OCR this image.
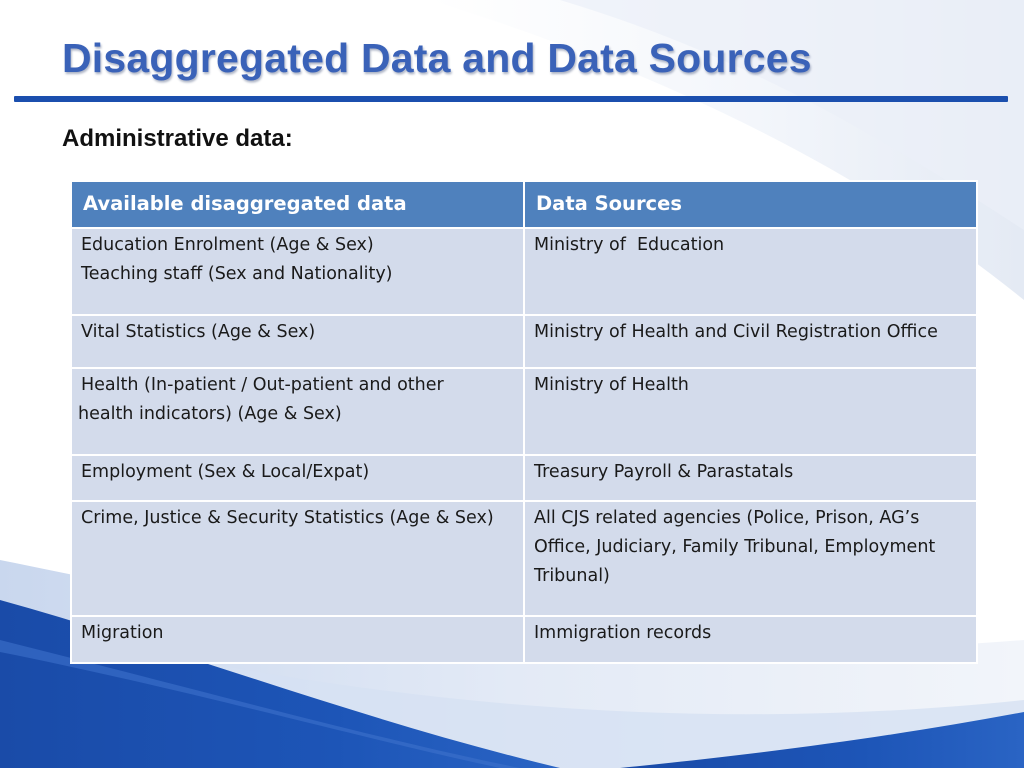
Disaggregated Data and Data Sources
Administrative data:
Available disaggregated data	Data Sources

Education Enrolment (Age & Sex)
Teaching staff (Sex and Nationality)	Ministry of  Education

Vital Statistics (Age & Sex)	Ministry of Health and Civil Registration Office

Health (In-patient / Out-patient and other
health indicators) (Age & Sex)	Ministry of Health

Employment (Sex & Local/Expat)	Treasury Payroll & Parastatals

Crime, Justice & Security Statistics (Age & Sex)	All CJS related agencies (Police, Prison, AG’s
Office, Judiciary, Family Tribunal, Employment
Tribunal)

Migration	Immigration records
